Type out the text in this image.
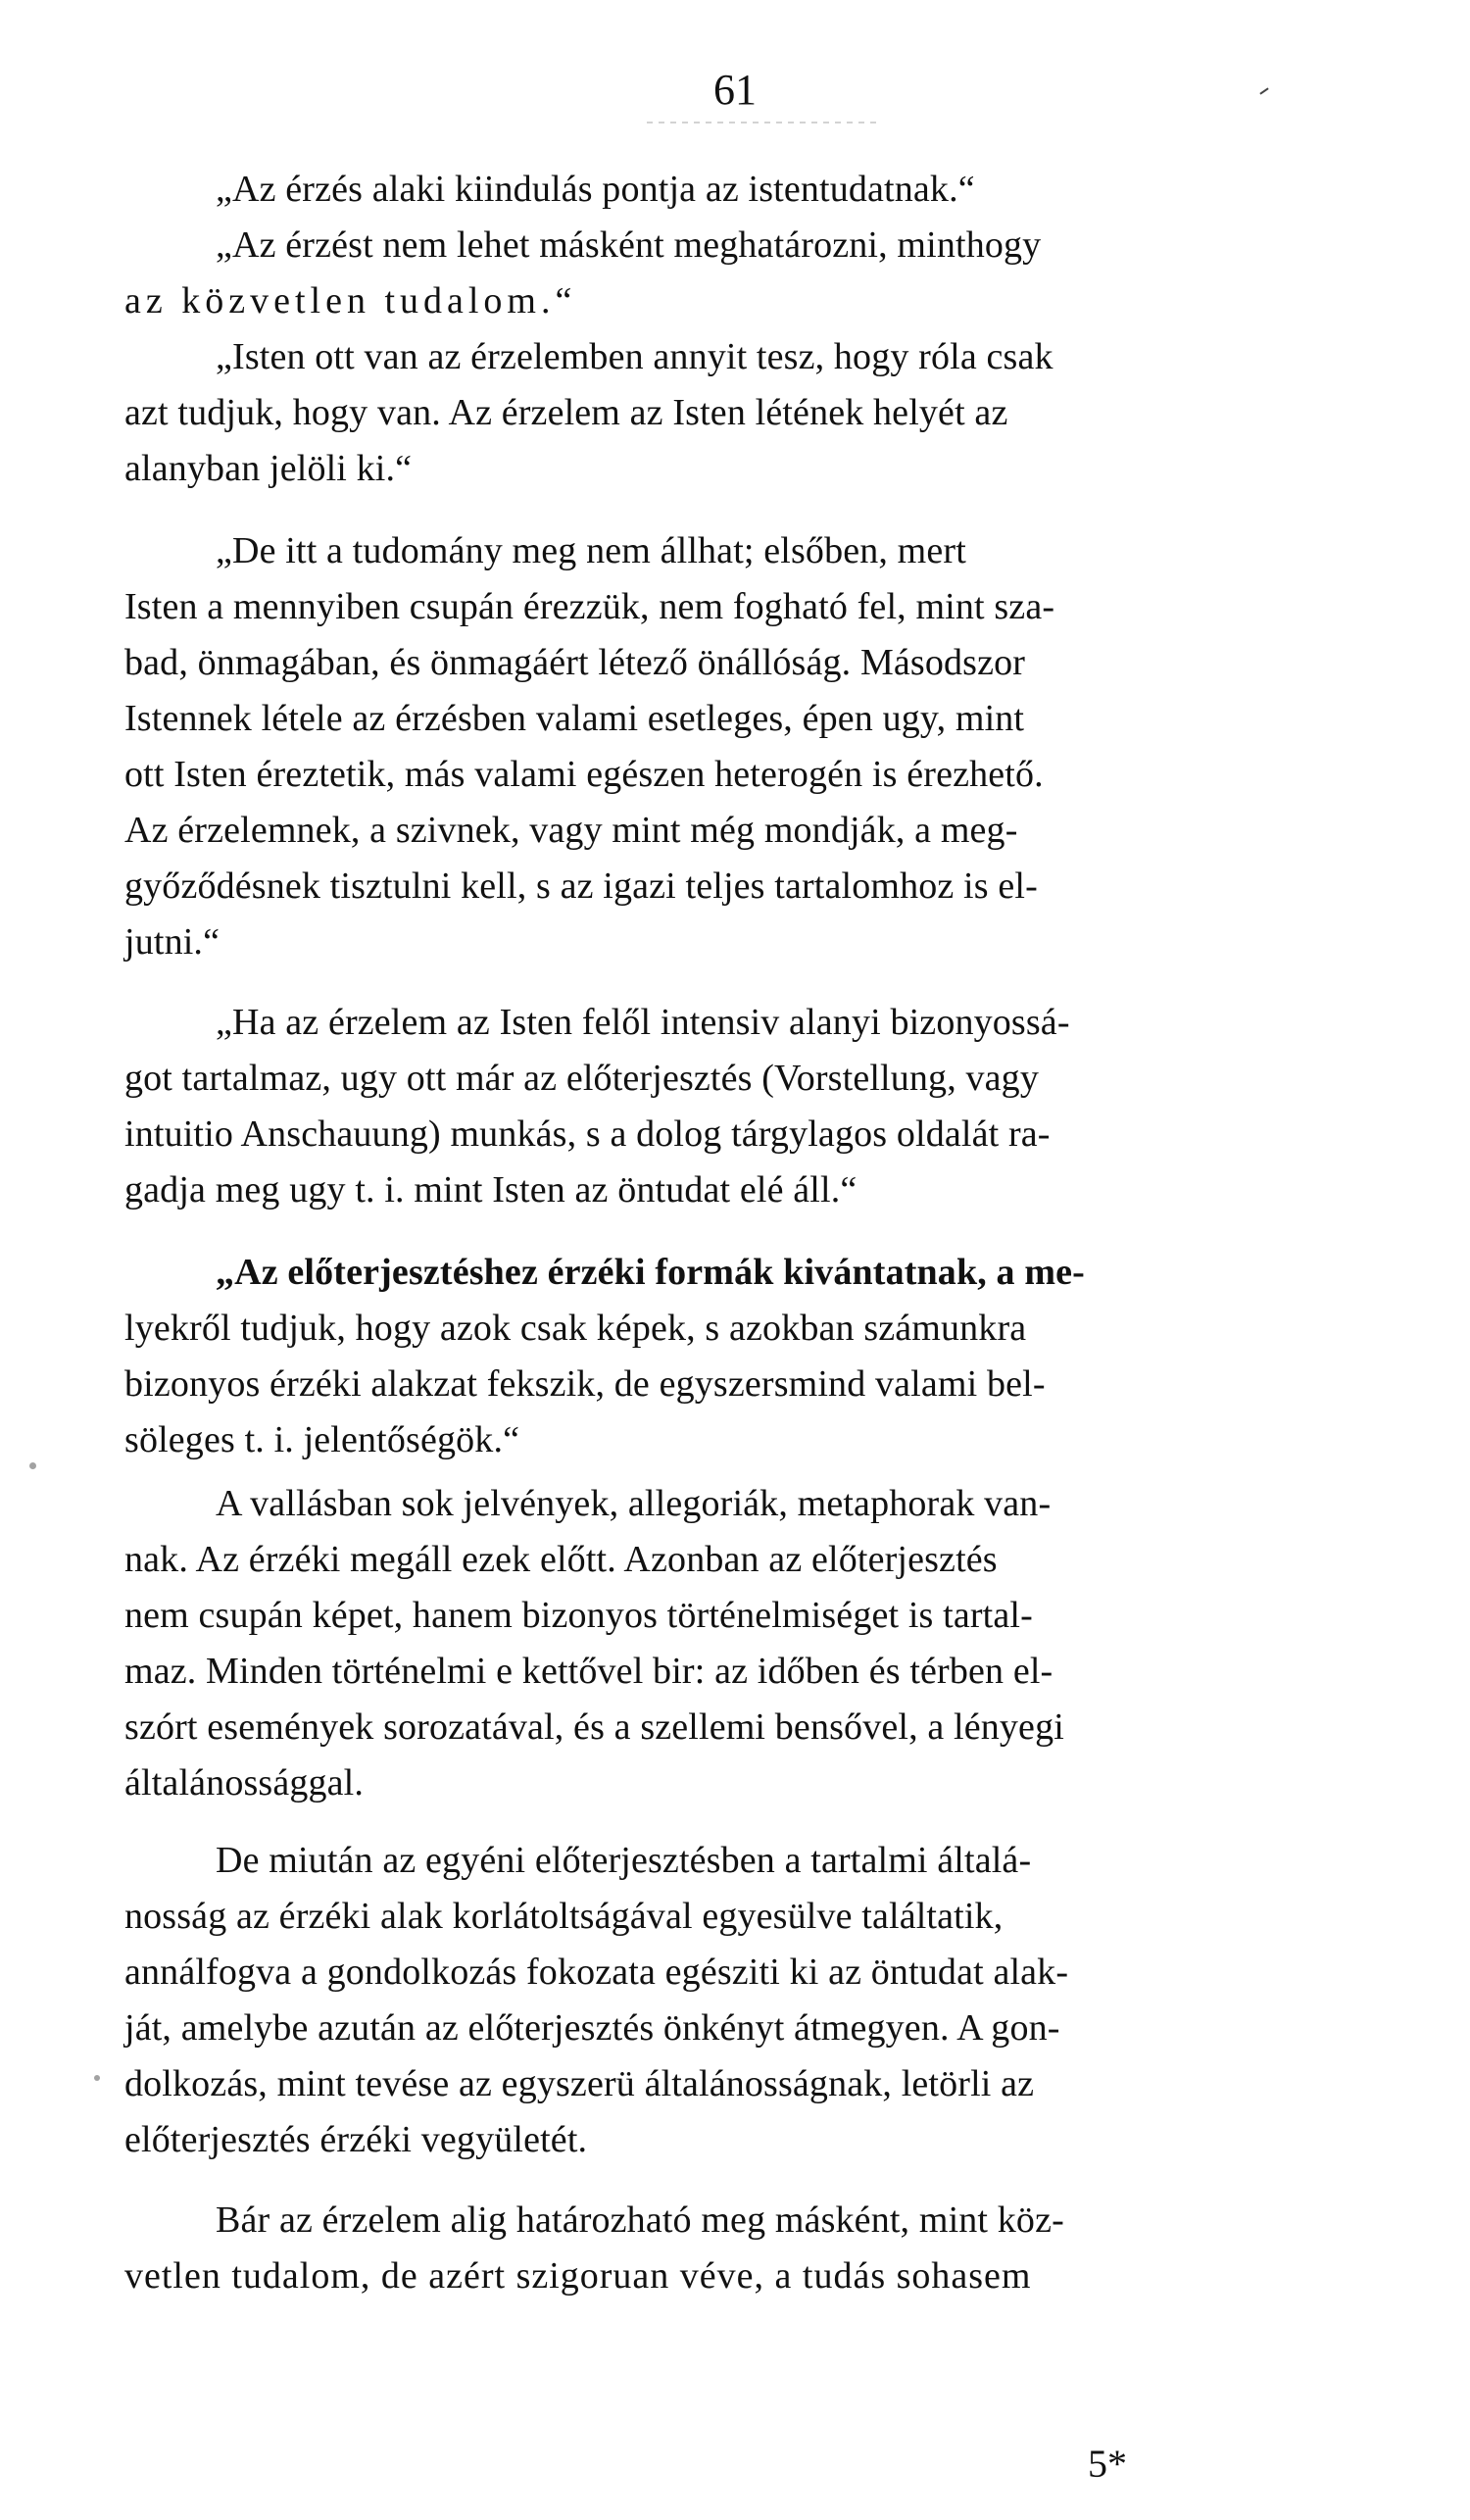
61
„Az érzés alaki kiindulás pontja az istentudatnak.“
„Az érzést nem lehet másként meghatározni, minthogy
az közvetlen tudalom.“
„Isten ott van az érzelemben annyit tesz, hogy róla csak
azt tudjuk, hogy van. Az érzelem az Isten létének helyét az
alanyban jelöli ki.“
„De itt a tudomány meg nem állhat; elsőben, mert
Isten a mennyiben csupán érezzük, nem fogható fel, mint sza-
bad, önmagában, és önmagáért létező önállóság. Másodszor
Istennek létele az érzésben valami esetleges, épen ugy, mint
ott Isten éreztetik, más valami egészen heterogén is érezhető.
Az érzelemnek, a szivnek, vagy mint még mondják, a meg-
győződésnek tisztulni kell, s az igazi teljes tartalomhoz is el-
jutni.“
„Ha az érzelem az Isten felől intensiv alanyi bizonyossá-
got tartalmaz, ugy ott már az előterjesztés (Vorstellung, vagy
intuitio Anschauung) munkás, s a dolog tárgylagos oldalát ra-
gadja meg ugy t. i. mint Isten az öntudat elé áll.“
„Az előterjesztéshez érzéki formák kivántatnak, a me-
lyekről tudjuk, hogy azok csak képek, s azokban számunkra
bizonyos érzéki alakzat fekszik, de egyszersmind valami bel-
söleges t. i. jelentőségök.“
A vallásban sok jelvények, allegoriák, metaphorak van-
nak. Az érzéki megáll ezek előtt. Azonban az előterjesztés
nem csupán képet, hanem bizonyos történelmiséget is tartal-
maz. Minden történelmi e kettővel bir: az időben és térben el-
szórt események sorozatával, és a szellemi bensővel, a lényegi
általánossággal.
De miután az egyéni előterjesztésben a tartalmi általá-
nosság az érzéki alak korlátoltságával egyesülve találtatik,
annálfogva a gondolkozás fokozata egésziti ki az öntudat alak-
ját, amelybe azután az előterjesztés önkényt átmegyen. A gon-
dolkozás, mint tevése az egyszerü általánosságnak, letörli az
előterjesztés érzéki vegyületét.
Bár az érzelem alig határozható meg másként, mint köz-
vetlen tudalom, de azért szigoruan véve, a tudás sohasem
5*
